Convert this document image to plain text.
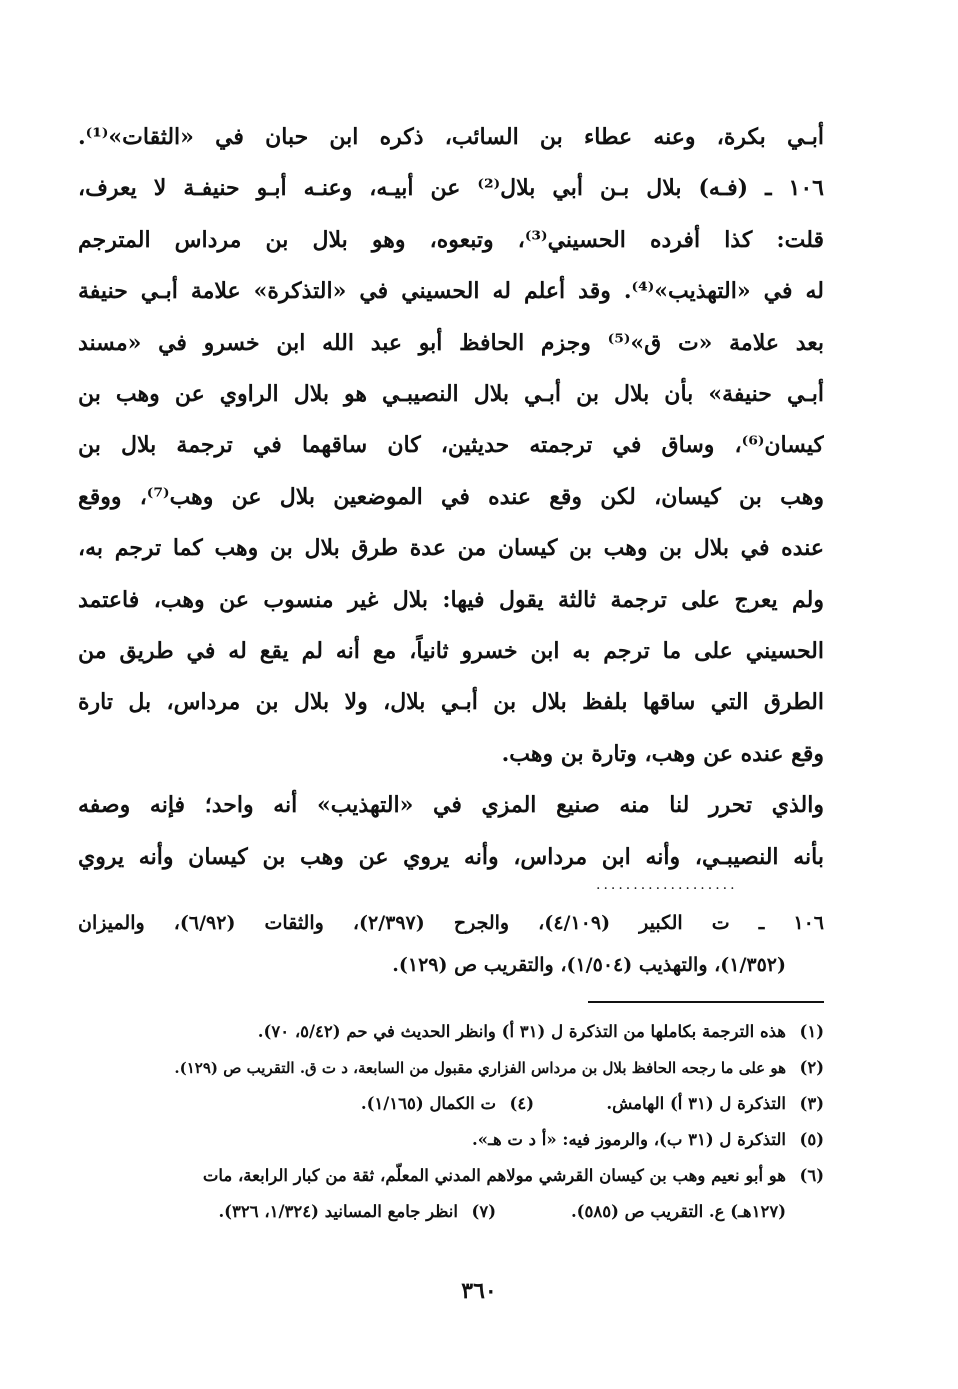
أبـي بكرة، وعنه عطاء بن السائب، ذكره ابن حبان في «الثقات»⁽¹⁾.
١٠٦ ـ (فـه) بلال بـن أبي بلال⁽²⁾ عن أبيـه، وعنـه أبـو حنيفـة لا يعرف،
قلت: كذا أفرده الحسيني⁽³⁾، وتبعوه، وهو بلال بن مرداس المترجم
له في «التهذيب»⁽⁴⁾. وقد أعلم له الحسيني في «التذكرة» علامة أبـي حنيفة
بعد علامة «ت ق»⁽⁵⁾ وجزم الحافظ أبو عبد الله ابن خسرو في «مسند
أبـي حنيفة» بأن بلال بن أبـي بلال النصيبـي هو بلال الراوي عن وهب بن
كيسان⁽⁶⁾، وساق في ترجمته حديثين، كان ساقهما في ترجمة بلال بن
وهب بن كيسان، لكن وقع عنده في الموضعين بلال عن وهب⁽⁷⁾، ووقع
عنده في بلال بن وهب بن كيسان من عدة طرق بلال بن وهب كما ترجم به،
ولم يعرج على ترجمة ثالثة يقول فيها: بلال غير منسوب عن وهب، فاعتمد
الحسيني على ما ترجم به ابن خسرو ثانياً، مع أنه لم يقع له في طريق من
الطرق التي ساقها بلفظ بلال بن أبـي بلال، ولا بلال بن مرداس، بل تارة
وقع عنده عن وهب، وتارة بن وهب.
والذي تحرر لنا منه صنيع المزي في «التهذيب» أنه واحد؛ فإنه وصفه
بأنه النصيبـي، وأنه ابن مرداس، وأنه يروي عن وهب بن كيسان وأنه يروي
...................
١٠٦ ـ ت الكبير (٤/١٠٩)، والجرح (٢/٣٩٧)، والثقات (٦/٩٢)، والميزان
(١/٣٥٢)، والتهذيب (١/٥٠٤)، والتقريب ص (١٢٩).
(١)هذه الترجمة بكاملها من التذكرة ل (٣١ أ) وانظر الحديث في حم (٥/٤٢، ٧٠).
(٢)هو على ما رجحه الحافظ بلال بن مرداس الفزاري مقبول من السابعة، د ت ق. التقريب ص (١٢٩).
(٣)التذكرة ل (٣١ أ) الهامش.
(٤)ت الكمال (١/١٦٥).
(٥)التذكرة ل (٣١ ب)، والرموز فيه: «أ د ت هـ».
(٦)هو أبو نعيم وهب بن كيسان القرشي مولاهم المدني المعلّم، ثقة من كبار الرابعة، مات
(١٢٧هـ) ع. التقريب ص (٥٨٥).
(٧)انظر جامع المسانيد (١/٣٢٤، ٣٢٦).
٣٦٠
